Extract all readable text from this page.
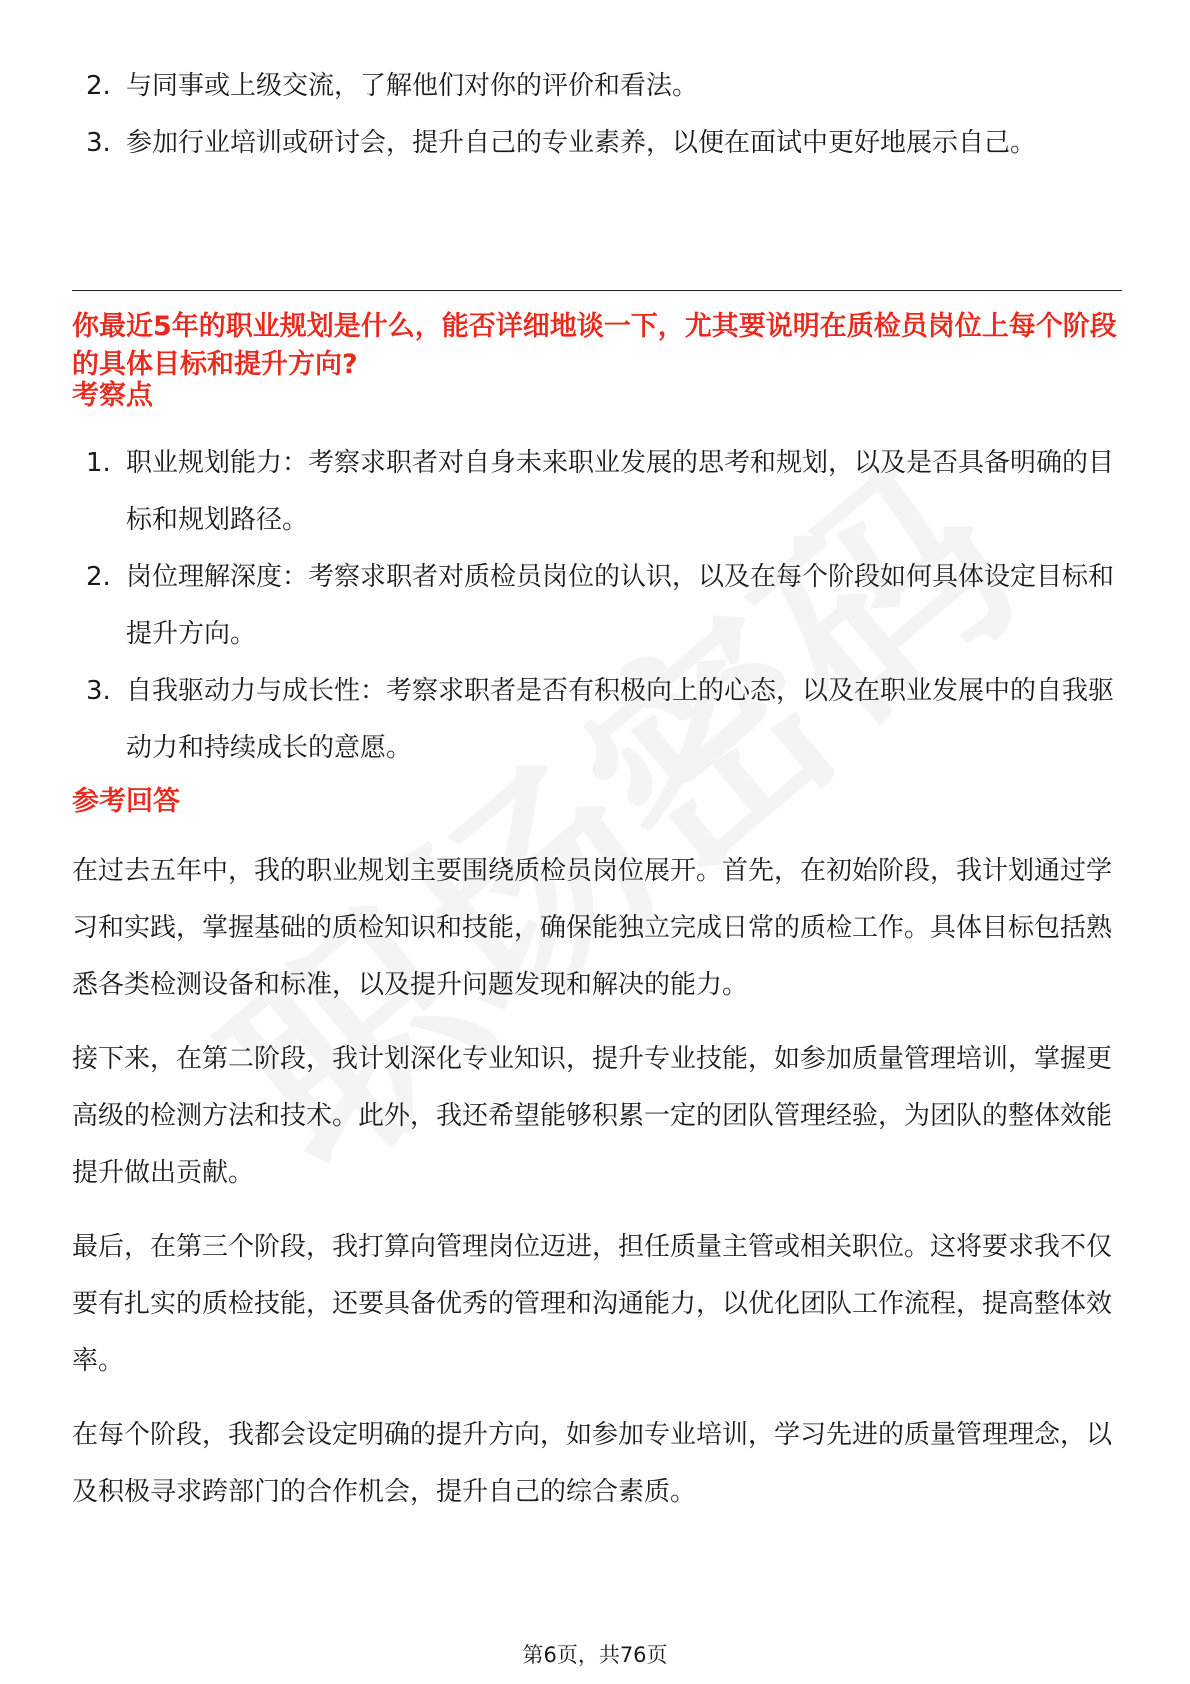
2. 与同事或上级交流，了解他们对你的评价和看法。
3. 参加行业培训或研讨会，提升自己的专业素养，以便在面试中更好地展示自己。

你最近5年的职业规划是什么，能否详细地谈一下，尤其要说明在质检员岗位上每个阶段的具体目标和提升方向?

考察点

1. 职业规划能力：考察求职者对自身未来职业发展的思考和规划，以及是否具备明确的目标和规划路径。
2. 岗位理解深度：考察求职者对质检员岗位的认识，以及在每个阶段如何具体设定目标和提升方向。
3. 自我驱动力与成长性：考察求职者是否有积极向上的心态，以及在职业发展中的自我驱动力和持续成长的意愿。

参考回答

在过去五年中，我的职业规划主要围绕质检员岗位展开。首先，在初始阶段，我计划通过学习和实践，掌握基础的质检知识和技能，确保能独立完成日常的质检工作。具体目标包括熟悉各类检测设备和标准，以及提升问题发现和解决的能力。

接下来，在第二阶段，我计划深化专业知识，提升专业技能，如参加质量管理培训，掌握更高级的检测方法和技术。此外，我还希望能够积累一定的团队管理经验，为团队的整体效能提升做出贡献。

最后，在第三个阶段，我打算向管理岗位迈进，担任质量主管或相关职位。这将要求我不仅要有扎实的质检技能，还要具备优秀的管理和沟通能力，以优化团队工作流程，提高整体效率。

在每个阶段，我都会设定明确的提升方向，如参加专业培训，学习先进的质量管理理念，以及积极寻求跨部门的合作机会，提升自己的综合素质。

第6页，共76页
